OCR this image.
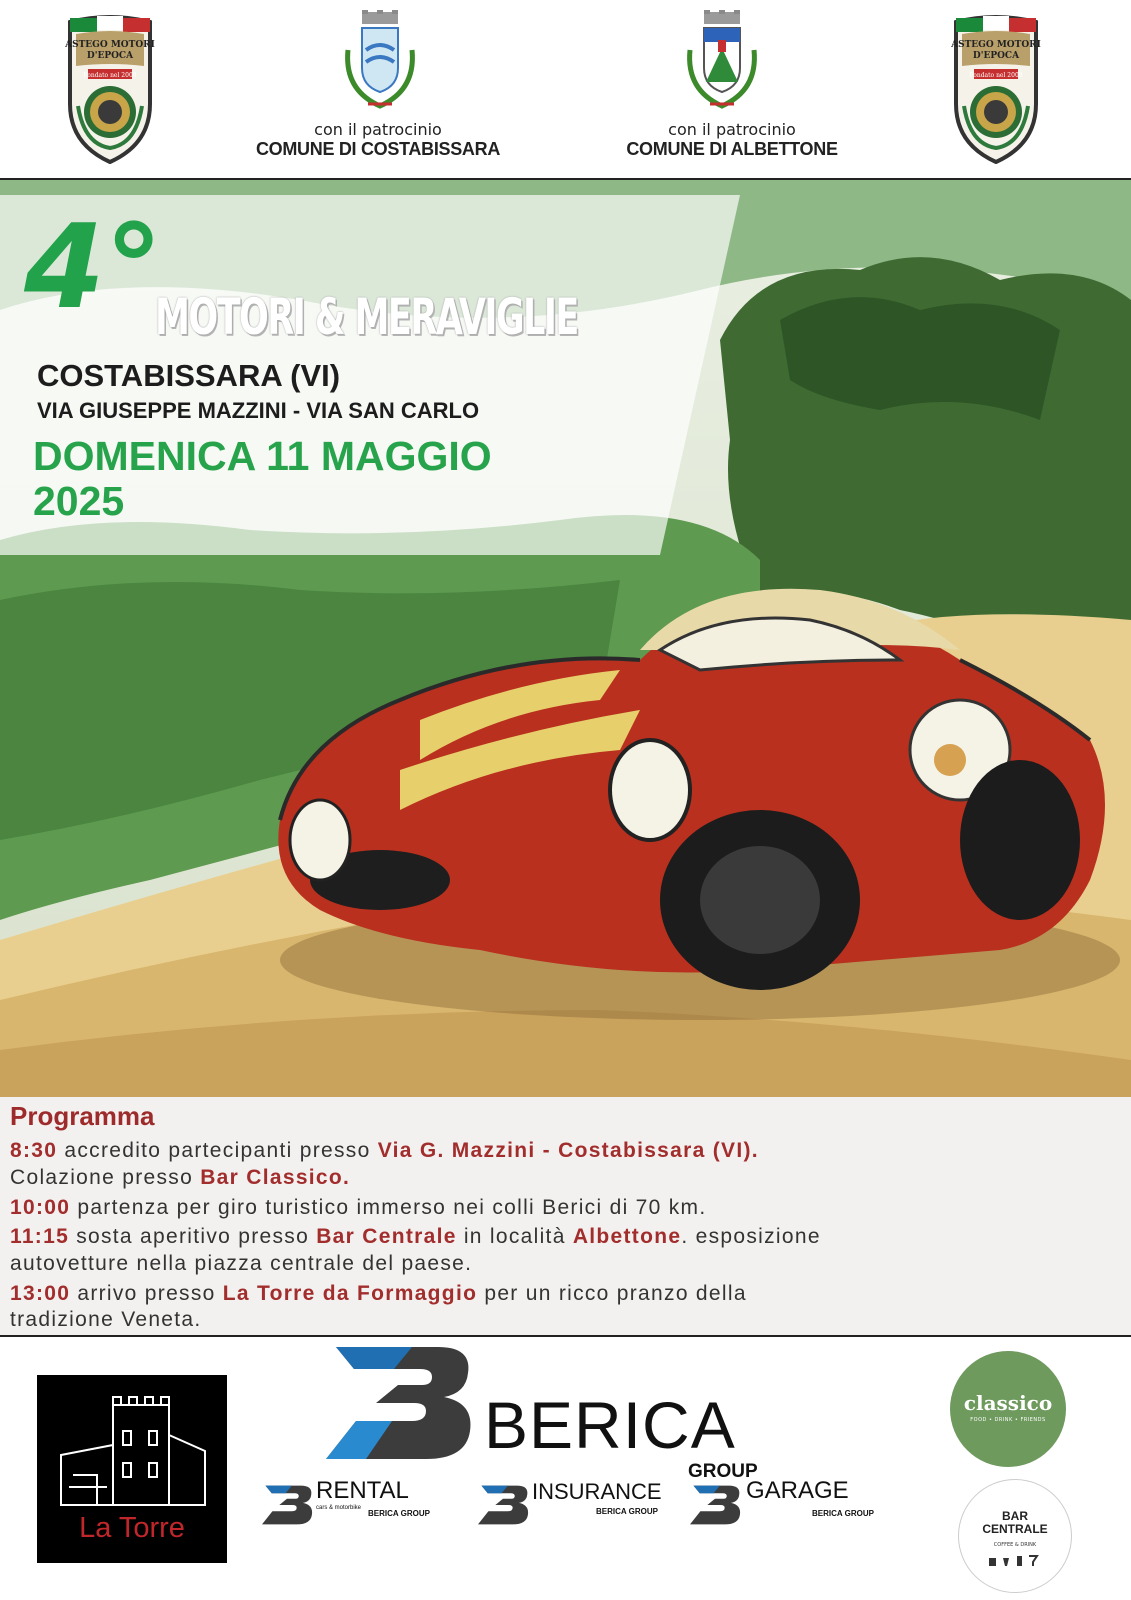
ASTEGO MOTORI
D'EPOCA
Fondato nel 2009
ASTEGO MOTORI
D'EPOCA
Fondato nel 2009
con il patrocinio
COMUNE DI COSTABISSARA
con il patrocinio
COMUNE DI ALBETTONE
4°
MOTORI & MERAVIGLIE
COSTABISSARA (VI)
VIA GIUSEPPE MAZZINI - VIA SAN CARLO
DOMENICA 11 MAGGIO
2025
Programma
8:30 accredito partecipanti presso Via G. Mazzini - Costabissara (VI).
Colazione presso Bar Classico.
10:00 partenza per giro turistico immerso nei colli Berici di 70 km.
11:15 sosta aperitivo presso Bar Centrale in località Albettone. esposizione
autovetture nella piazza centrale del paese.
13:00 arrivo presso La Torre da Formaggio per un ricco pranzo della
tradizione Veneta.
La Torre
BERICA
GROUP
RENTAL
cars & motorbike
BERICA GROUP
INSURANCE
BERICA GROUP
GARAGE
BERICA GROUP
classico
FOOD • DRINK • FRIENDS
BAR
CENTRALE
COFFEE & DRINK
